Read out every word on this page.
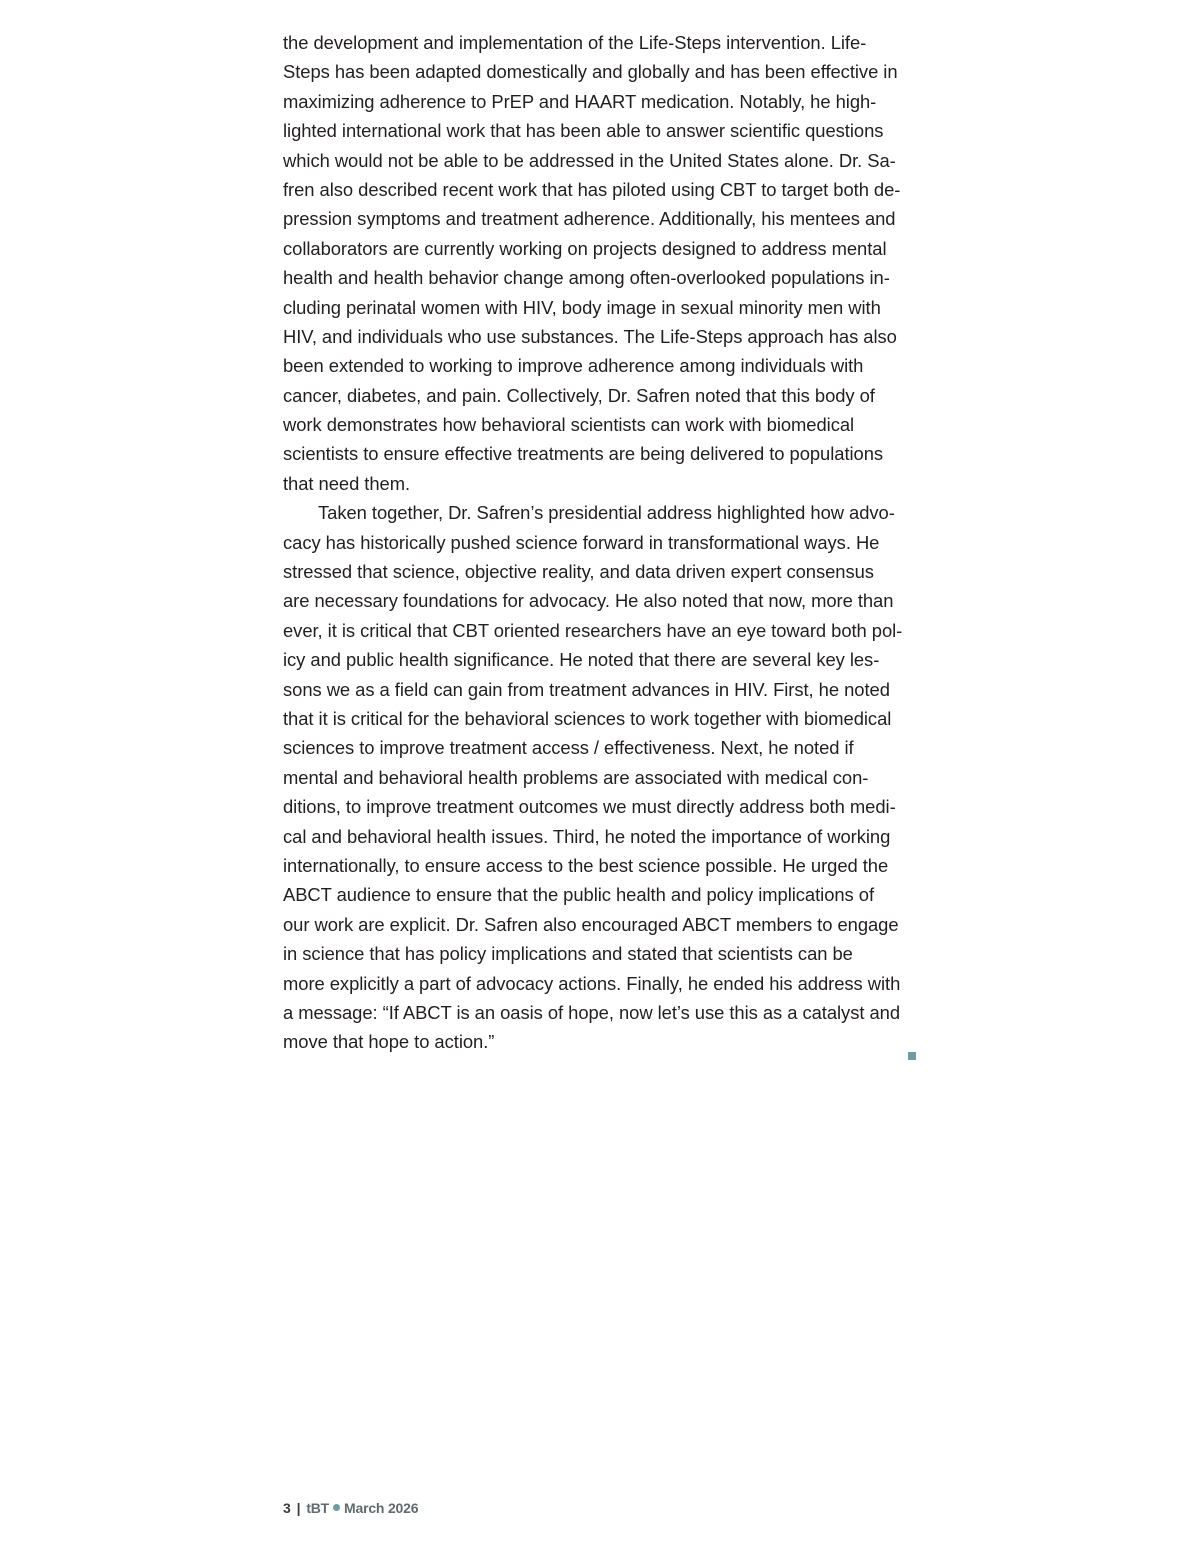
the development and implementation of the Life-Steps intervention. Life-
Steps has been adapted domestically and globally and has been effective in
maximizing adherence to PrEP and HAART medication. Notably, he high-
lighted international work that has been able to answer scientific questions
which would not be able to be addressed in the United States alone. Dr. Sa-
fren also described recent work that has piloted using CBT to target both de-
pression symptoms and treatment adherence. Additionally, his mentees and
collaborators are currently working on projects designed to address mental
health and health behavior change among often-overlooked populations in-
cluding perinatal women with HIV, body image in sexual minority men with
HIV, and individuals who use substances. The Life-Steps approach has also
been extended to working to improve adherence among individuals with
cancer, diabetes, and pain. Collectively, Dr. Safren noted that this body of
work demonstrates how behavioral scientists can work with biomedical
scientists to ensure effective treatments are being delivered to populations
that need them.
Taken together, Dr. Safren’s presidential address highlighted how advo-
cacy has historically pushed science forward in transformational ways. He
stressed that science, objective reality, and data driven expert consensus
are necessary foundations for advocacy. He also noted that now, more than
ever, it is critical that CBT oriented researchers have an eye toward both pol-
icy and public health significance. He noted that there are several key les-
sons we as a field can gain from treatment advances in HIV. First, he noted
that it is critical for the behavioral sciences to work together with biomedical
sciences to improve treatment access / effectiveness. Next, he noted if
mental and behavioral health problems are associated with medical con-
ditions, to improve treatment outcomes we must directly address both medi-
cal and behavioral health issues. Third, he noted the importance of working
internationally, to ensure access to the best science possible. He urged the
ABCT audience to ensure that the public health and policy implications of
our work are explicit. Dr. Safren also encouraged ABCT members to engage
in science that has policy implications and stated that scientists can be
more explicitly a part of advocacy actions. Finally, he ended his address with
a message: “If ABCT is an oasis of hope, now let’s use this as a catalyst and
move that hope to action.”
3 | tBT March 2026
